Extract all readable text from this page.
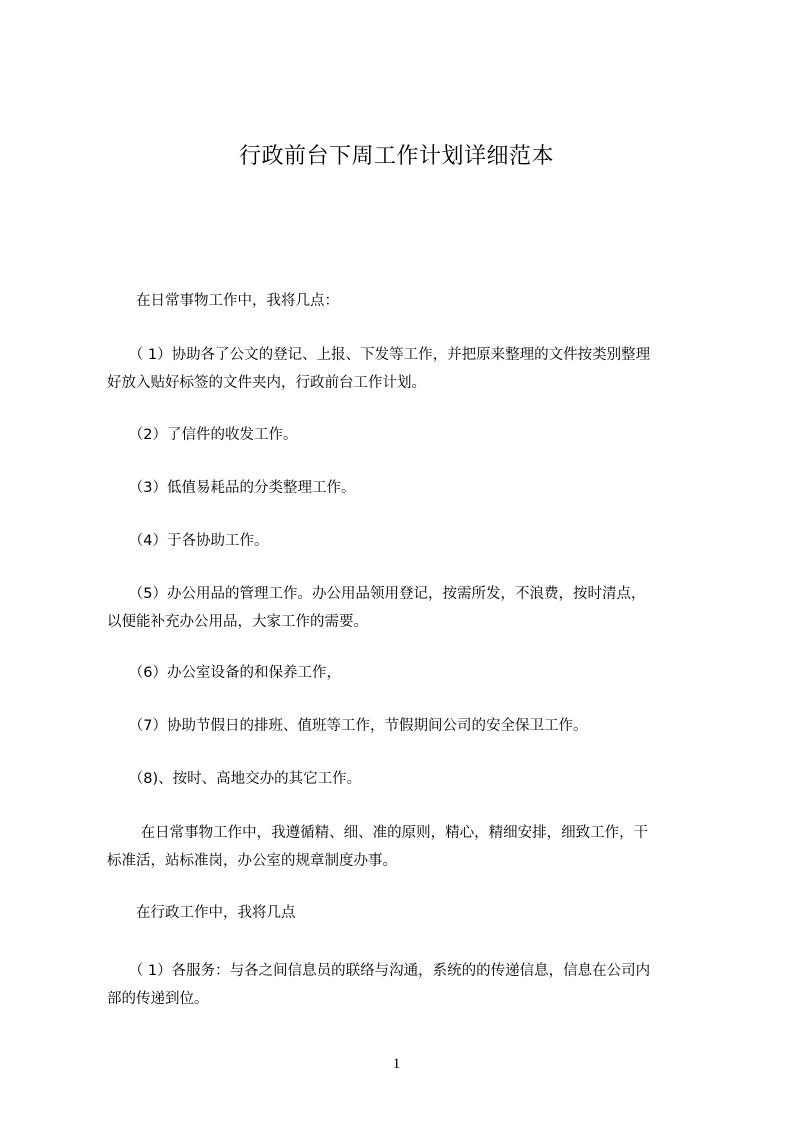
行政前台下周工作计划详细范本
　　在日常事物工作中，我将几点：
　　（ 1）协助各了公文的登记、上报、下发等工作，并把原来整理的文件按类别整理
好放入贴好标签的文件夹内，行政前台工作计划。
　　（2）了信件的收发工作。
　　（3）低值易耗品的分类整理工作。
　　（4）于各协助工作。
　　（5）办公用品的管理工作。办公用品领用登记，按需所发，不浪费，按时清点，
以便能补充办公用品，大家工作的需要。
　　（6）办公室设备的和保养工作，
　　（7）协助节假日的排班、值班等工作，节假期间公司的安全保卫工作。
　　（8)、按时、高地交办的其它工作。
　　 在日常事物工作中，我遵循精、细、准的原则，精心，精细安排，细致工作，干
标准活，站标准岗，办公室的规章制度办事。
　　在行政工作中，我将几点
　　（ 1）各服务：与各之间信息员的联络与沟通，系统的的传递信息，信息在公司内
部的传递到位。
1
